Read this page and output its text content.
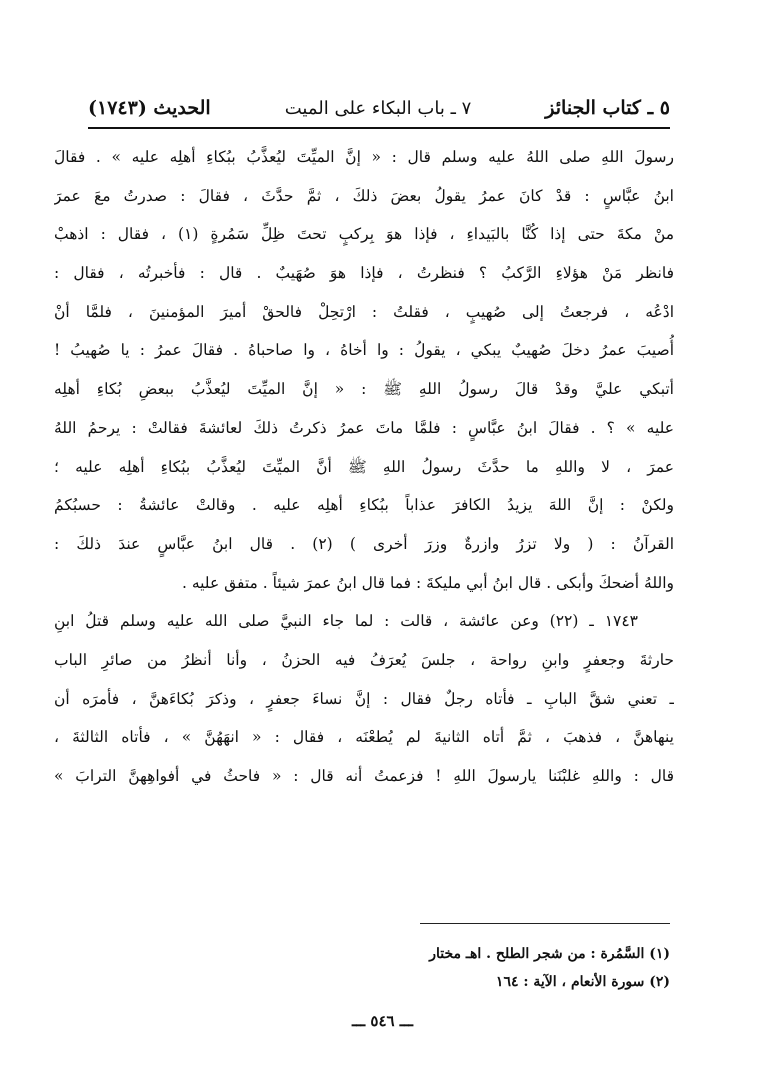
٥ ـ كتاب الجنائز
٧ ـ باب البكاء على الميت
الحديث (١٧٤٣)
رسولَ اللهِ صلى اللهُ عليه وسلم قال : « إنَّ الميِّتَ ليُعذَّبُ ببُكاءِ أهلِه عليه » . فقالَ
ابنُ عبَّاسٍ : قدْ كانَ عمرُ يقولُ بعضَ ذلكَ ، ثمَّ حدَّثَ ، فقالَ : صدرتُ معَ عمرَ
منْ مكةَ حتى إذا كُنَّا بالبَيداءِ ، فإذا هوَ بِركبٍ تحتَ ظِلِّ سَمُرةٍ (١) ، فقال : اذهبْ
فانظر مَنْ هؤلاءِ الرَّكبُ ؟ فنظرتُ ، فإذا هوَ صُهَيبٌ . قال : فأخبرتُه ، فقال :
ادْعُه ، فرجعتُ إلى صُهيبٍ ، فقلتُ : ارْتحِلْ فالحقْ أميرَ المؤمنينَ ، فلمَّا أنْ
أُصيبَ عمرُ دخلَ صُهيبٌ يبكي ، يقولُ : وا أخاهُ ، وا صاحباهُ . فقالَ عمرُ : يا صُهيبُ !
أتبكي عليَّ وقدْ قالَ رسولُ اللهِ ﷺ : « إنَّ الميِّتَ ليُعذَّبُ ببعضِ بُكاءِ أهلِه
عليه » ؟ . فقالَ ابنُ عبَّاسٍ : فلمَّا ماتَ عمرُ ذكرتُ ذلكَ لعائشةَ فقالتْ : يرحمُ اللهُ
عمرَ ، لا واللهِ ما حدَّثَ رسولُ اللهِ ﷺ أنَّ الميِّتَ ليُعذَّبُ ببُكاءِ أهلِه عليه ؛
ولكنْ : إنَّ اللهَ يزيدُ الكافرَ عذاباً ببُكاءِ أهلِه عليه . وقالتْ عائشةُ : حسبُكمُ
القرآنُ : ( ولا تزرُ وازرةٌ وزرَ أخرى ) (٢) . قال ابنُ عبَّاسٍ عندَ ذلكَ :
واللهُ أضحكَ وأبكى . قال ابنُ أبي مليكةَ : فما قال ابنُ عمرَ شيئاً . متفق عليه .
١٧٤٣ ـ (٢٢) وعن عائشة ، قالت : لما جاء النبيَّ صلى الله عليه وسلم قتلُ ابنِ
حارثةَ وجعفرٍ وابنِ رواحة ، جلسَ يُعرَفُ فيه الحزنُ ، وأنا أنظرُ من صائرِ الباب
ـ تعني شقَّ البابِ ـ فأتاه رجلٌ فقال : إنَّ نساءَ جعفرٍ ، وذكرَ بُكاءَهنَّ ، فأمرَه أن
ينهاهنَّ ، فذهبَ ، ثمَّ أتاه الثانيةَ لم يُطعْنَه ، فقال : « انهَهُنَّ » ، فأتاه الثالثةَ ،
قال : واللهِ غلبْنَنا يارسولَ اللهِ ! فزعمتُ أنه قال : « فاحثُ في أفواهِهنَّ الترابَ »
(١) السَّمُرة : من شجر الطلح . اهـ مختار
(٢) سورة الأنعام ، الآية : ١٦٤
ـــ ٥٤٦ ـــ
